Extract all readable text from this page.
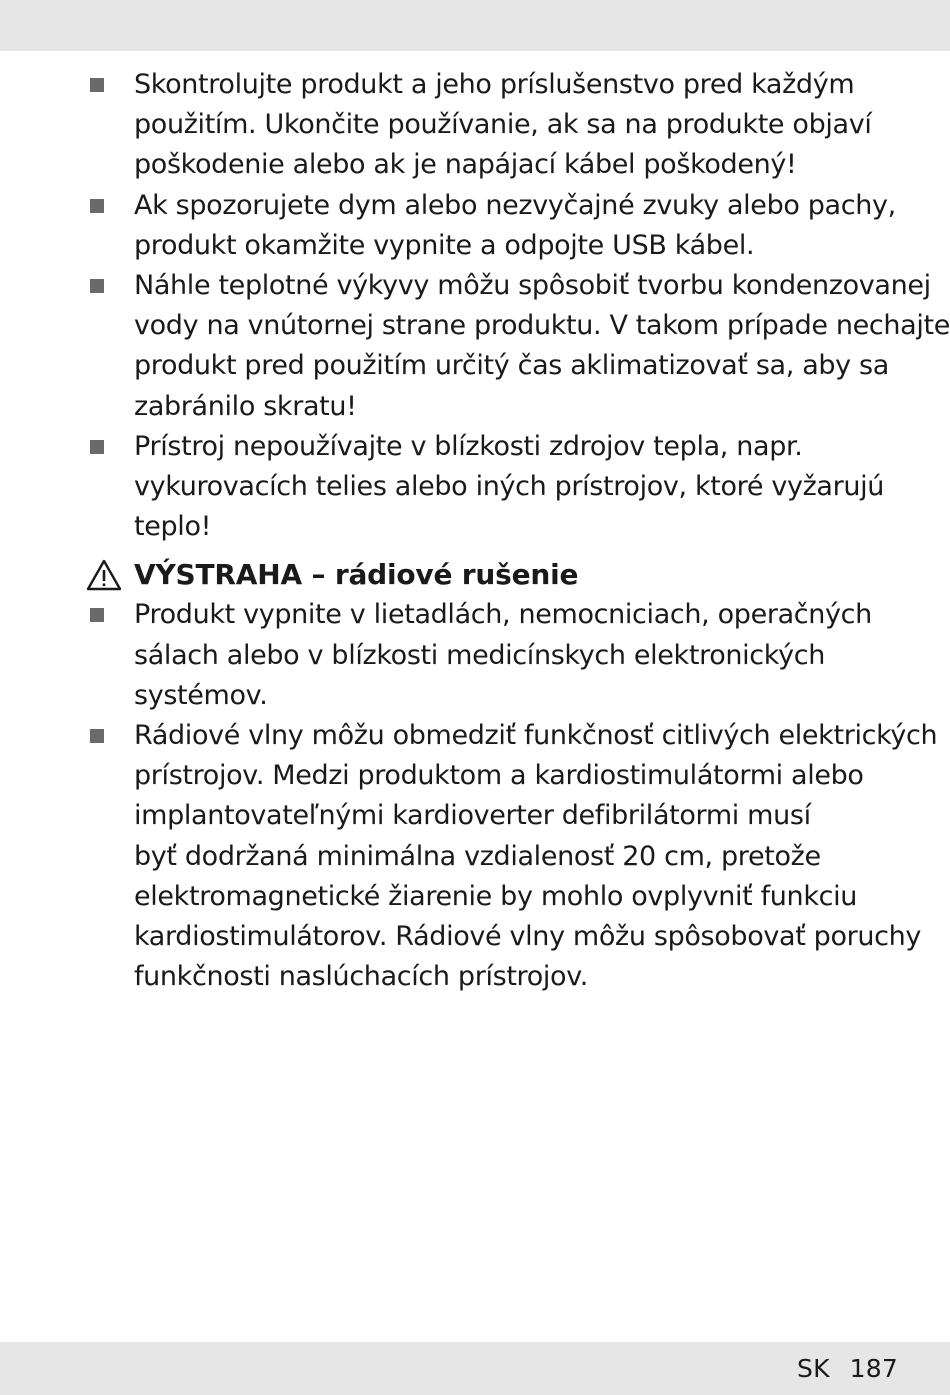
Skontrolujte produkt a jeho príslušenstvo pred každým
použitím. Ukončite používanie, ak sa na produkte objaví
poškodenie alebo ak je napájací kábel poškodený!
Ak spozorujete dym alebo nezvyčajné zvuky alebo pachy,
produkt okamžite vypnite a odpojte USB kábel.
Náhle teplotné výkyvy môžu spôsobiť tvorbu kondenzovanej
vody na vnútornej strane produktu. V takom prípade nechajte
produkt pred použitím určitý čas aklimatizovať sa, aby sa
zabránilo skratu!
Prístroj nepoužívajte v blízkosti zdrojov tepla, napr.
vykurovacích telies alebo iných prístrojov, ktoré vyžarujú
teplo!
VÝSTRAHA – rádiové rušenie
Produkt vypnite v lietadlách, nemocniciach, operačných
sálach alebo v blízkosti medicínskych elektronických
systémov.
Rádiové vlny môžu obmedziť funkčnosť citlivých elektrických
prístrojov. Medzi produktom a kardiostimulátormi alebo
implantovateľnými kardioverter defibrilátormi musí
byť dodržaná minimálna vzdialenosť 20 cm, pretože
elektromagnetické žiarenie by mohlo ovplyvniť funkciu
kardiostimulátorov. Rádiové vlny môžu spôsobovať poruchy
funkčnosti naslúchacích prístrojov.
SK 187
